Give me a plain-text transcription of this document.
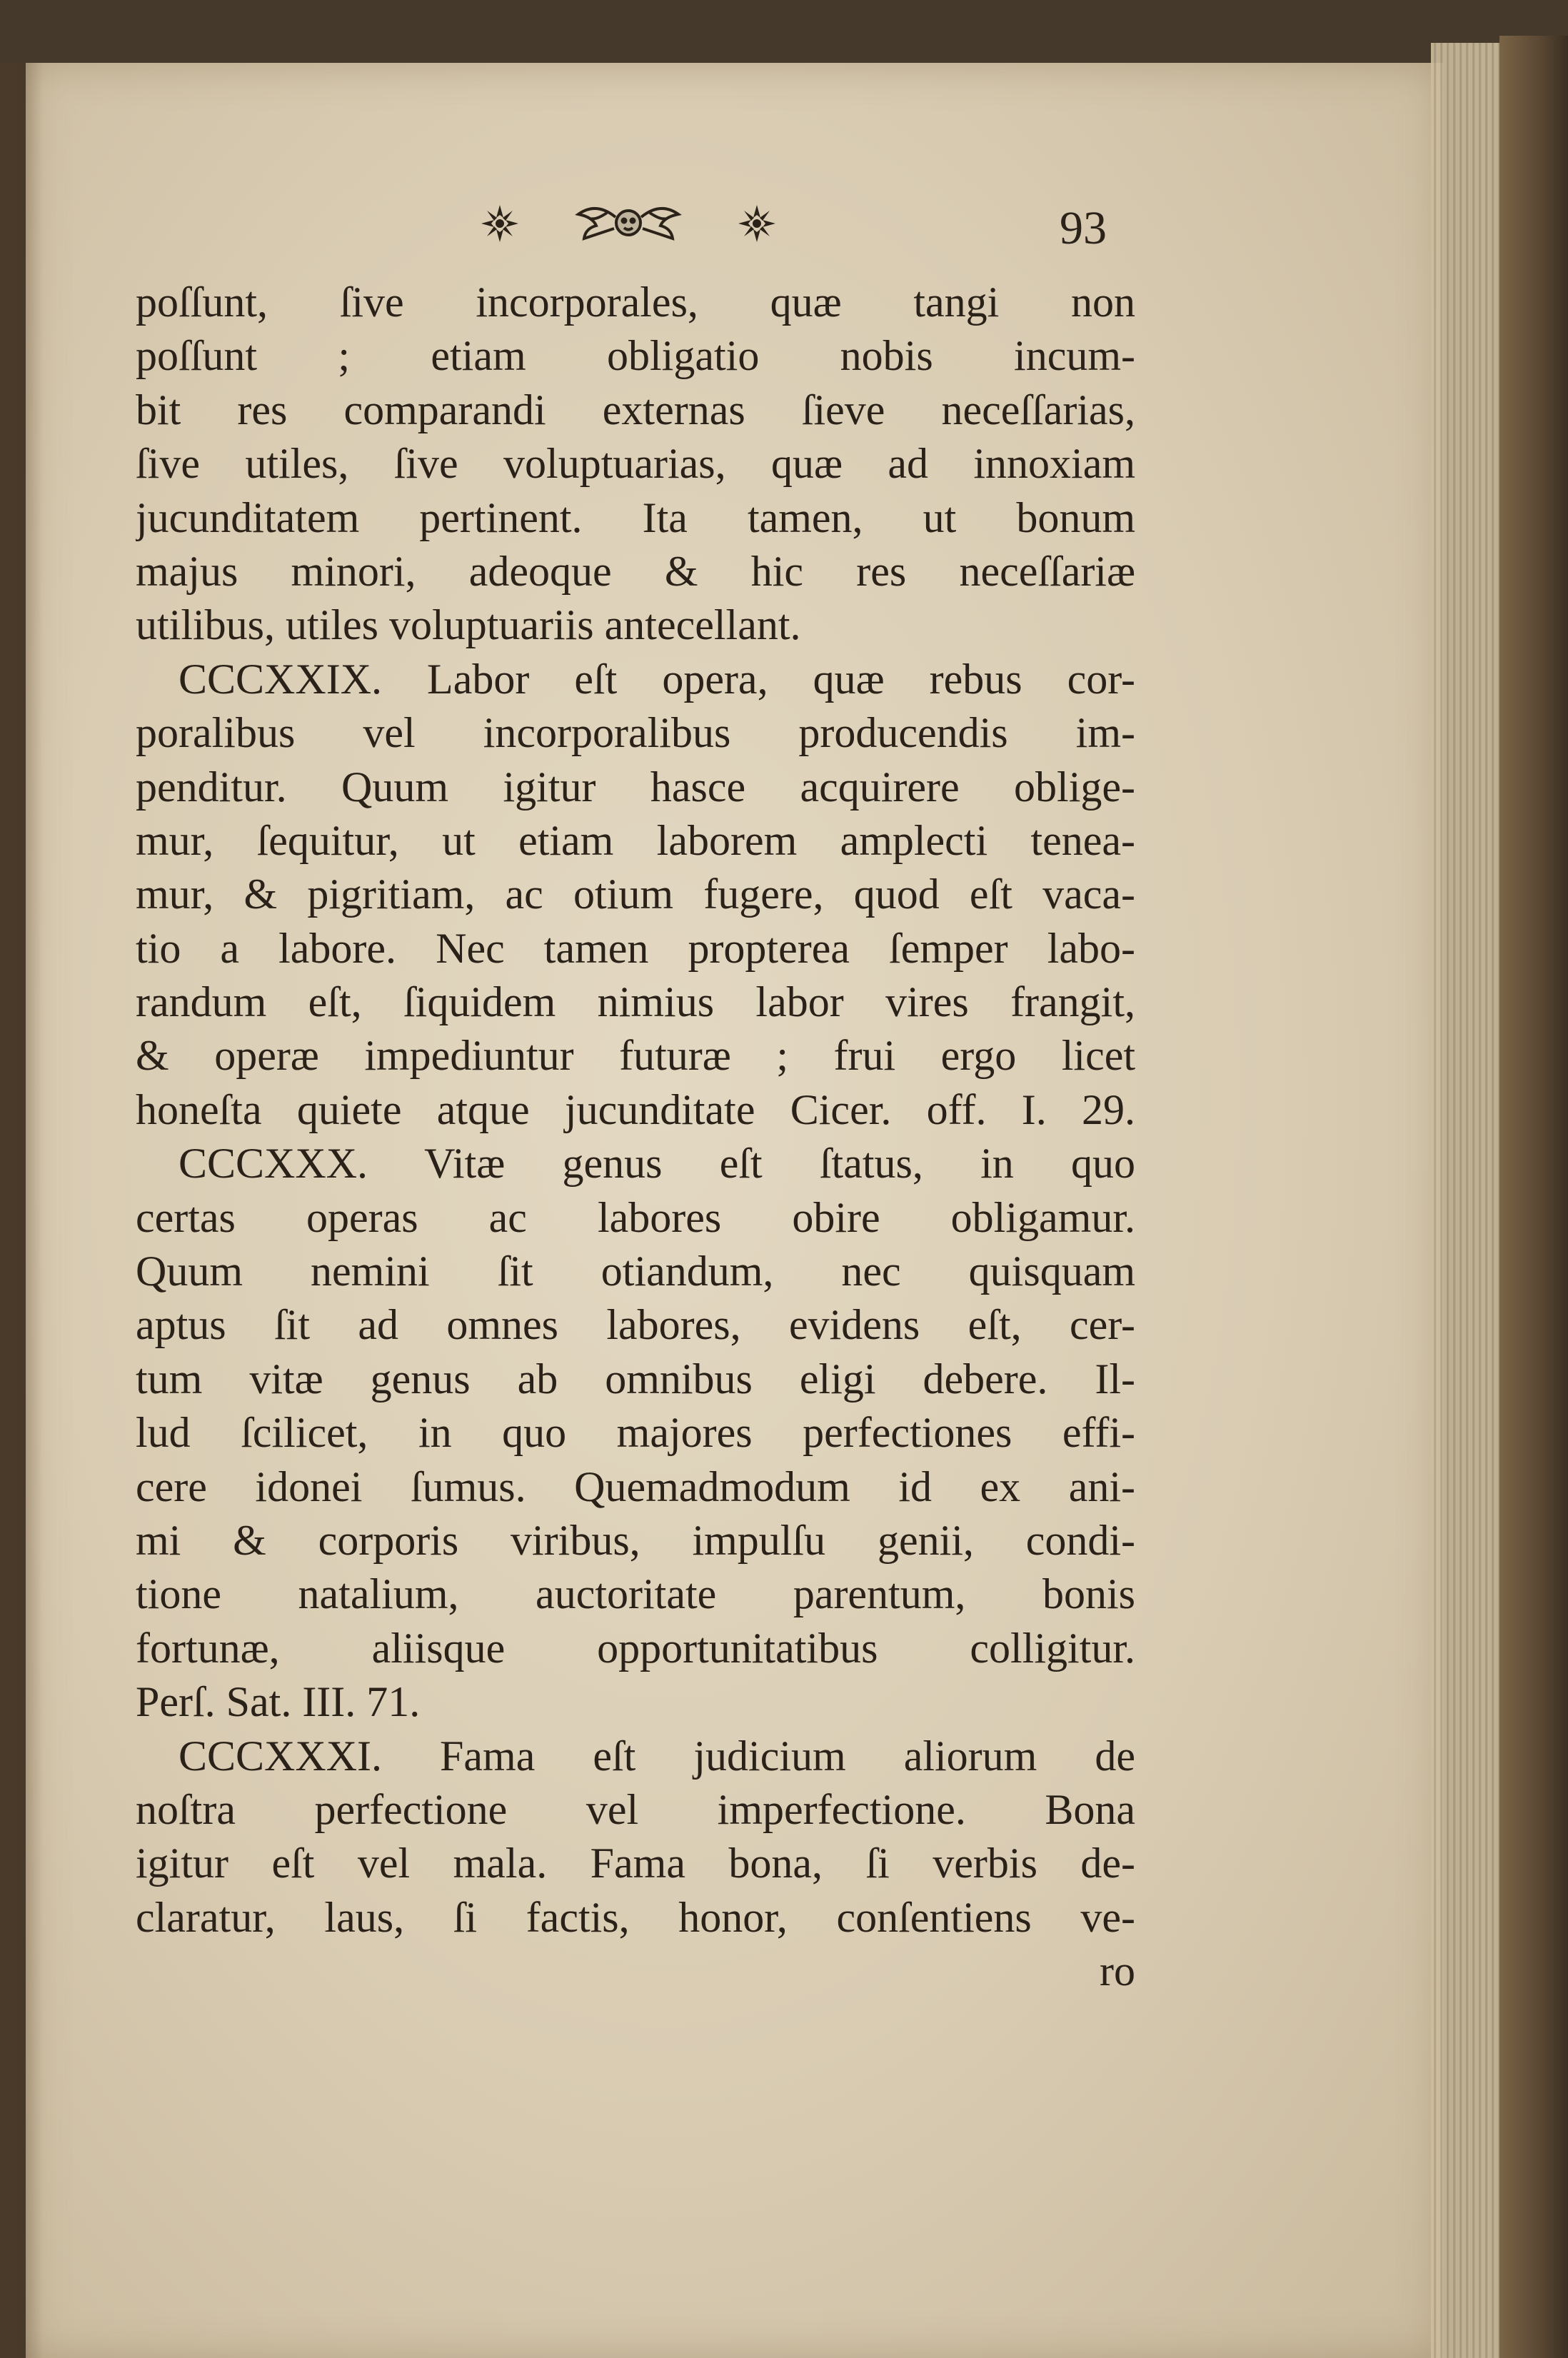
93
poſſunt, ſive incorporales, quæ tangi non
poſſunt ; etiam obligatio nobis incum-
bit res comparandi externas ſieve neceſſarias,
ſive utiles, ſive voluptuarias, quæ ad innoxiam
jucunditatem pertinent. Ita tamen, ut bonum
majus minori, adeoque & hic res neceſſariæ
utilibus, utiles voluptuariis antecellant.
CCCXXIX. Labor eſt opera, quæ rebus cor-
poralibus vel incorporalibus producendis im-
penditur. Quum igitur hasce acquirere oblige-
mur, ſequitur, ut etiam laborem amplecti tenea-
mur, & pigritiam, ac otium fugere, quod eſt vaca-
tio a labore. Nec tamen propterea ſemper labo-
randum eſt, ſiquidem nimius labor vires frangit,
& operæ impediuntur futuræ ; frui ergo licet
honeſta quiete atque jucunditate Cicer. off. I. 29.
CCCXXX. Vitæ genus eſt ſtatus, in quo
certas operas ac labores obire obligamur.
Quum nemini ſit otiandum, nec quisquam
aptus ſit ad omnes labores, evidens eſt, cer-
tum vitæ genus ab omnibus eligi debere. Il-
lud ſcilicet, in quo majores perfectiones effi-
cere idonei ſumus. Quemadmodum id ex ani-
mi & corporis viribus, impulſu genii, condi-
tione natalium, auctoritate parentum, bonis
fortunæ, aliisque opportunitatibus colligitur.
Perſ. Sat. III. 71.
CCCXXXI. Fama eſt judicium aliorum de
noſtra perfectione vel imperfectione. Bona
igitur eſt vel mala. Fama bona, ſi verbis de-
claratur, laus, ſi factis, honor, conſentiens ve-
ro
